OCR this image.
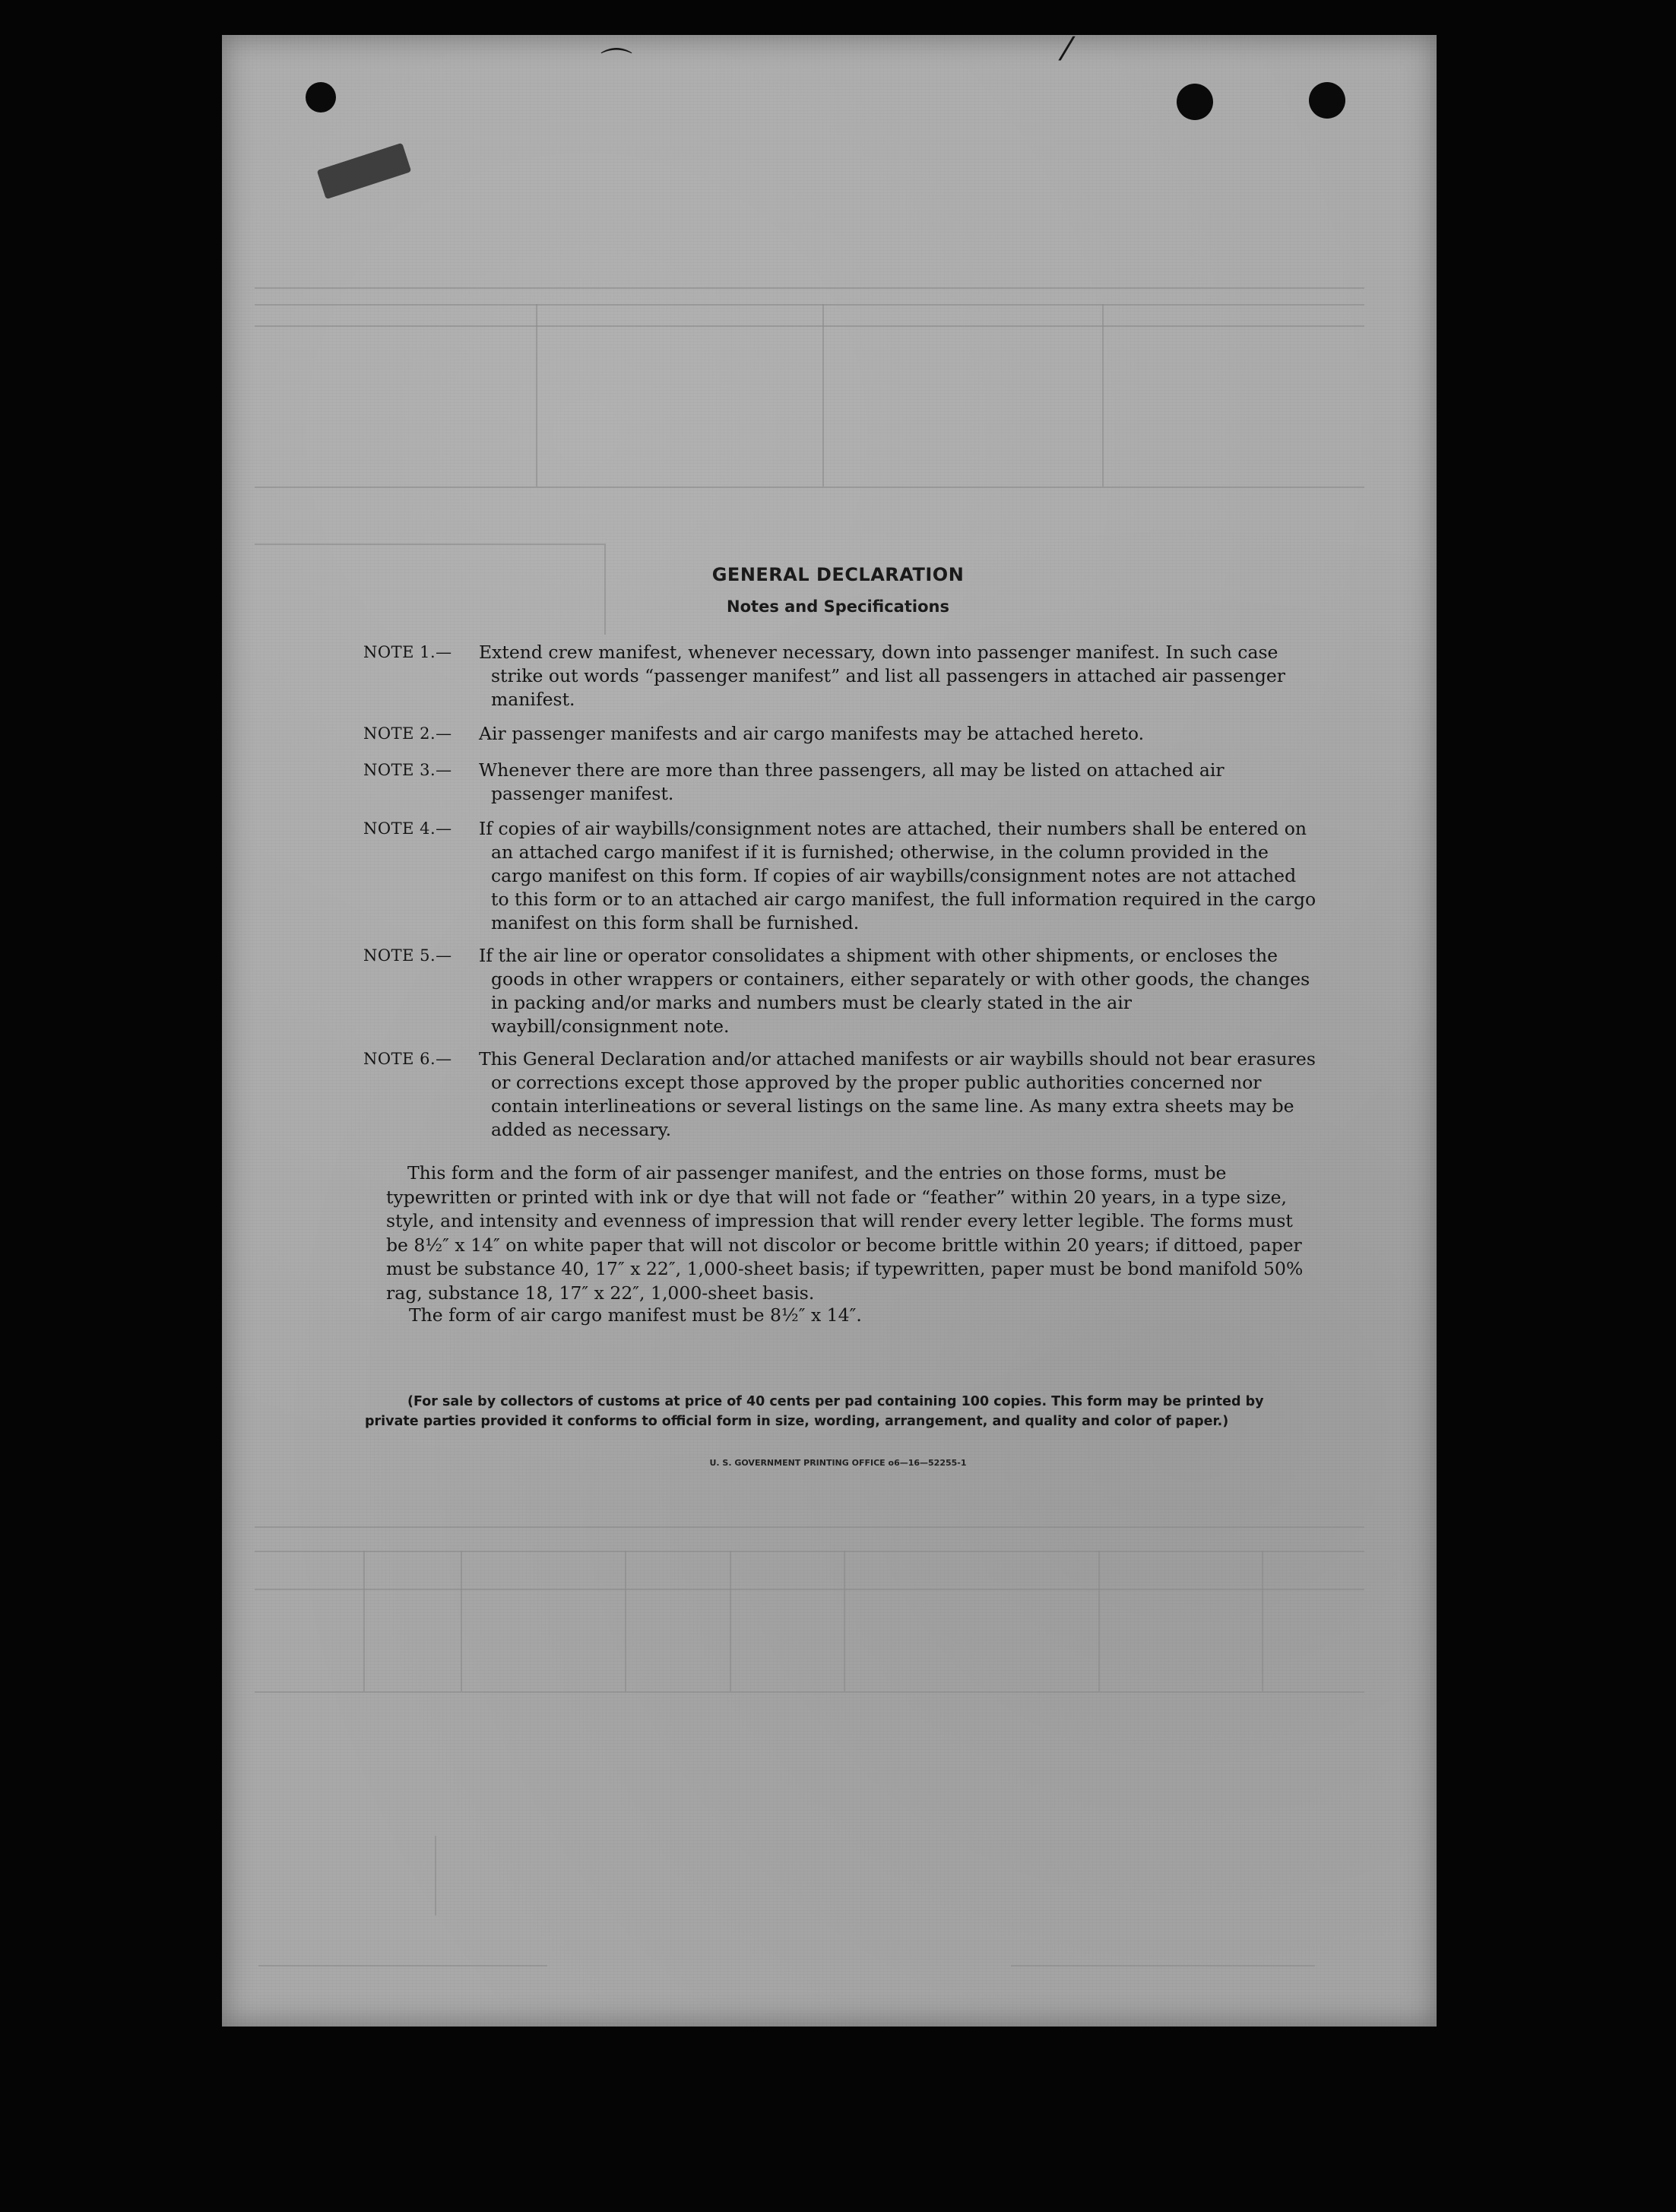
⌒	⁄
GENERAL DECLARATION
Notes and Specifications
NOTE 1.—	Extend crew manifest, whenever necessary, down into passenger manifest. In such case strike out words “passenger manifest” and list all passengers in attached air passenger manifest.
NOTE 2.—	Air passenger manifests and air cargo manifests may be attached hereto.
NOTE 3.—	Whenever there are more than three passengers, all may be listed on attached air passenger manifest.
NOTE 4.—	If copies of air waybills/consignment notes are attached, their numbers shall be entered on an attached cargo manifest if it is furnished; otherwise, in the column provided in the cargo manifest on this form. If copies of air waybills/consignment notes are not attached to this form or to an attached air cargo manifest, the full information required in the cargo manifest on this form shall be furnished.
NOTE 5.—	If the air line or operator consolidates a shipment with other shipments, or encloses the goods in other wrappers or containers, either separately or with other goods, the changes in packing and/or marks and numbers must be clearly stated in the air waybill/consignment note.
NOTE 6.—	This General Declaration and/or attached manifests or air waybills should not bear erasures or corrections except those approved by the proper public authorities concerned nor contain interlineations or several listings on the same line. As many extra sheets may be added as necessary.
This form and the form of air passenger manifest, and the entries on those forms, must be typewritten or printed with ink or dye that will not fade or “feather” within 20 years, in a type size, style, and intensity and evenness of impression that will render every letter legible. The forms must be 8½″ x 14″ on white paper that will not discolor or become brittle within 20 years; if dittoed, paper must be substance 40, 17″ x 22″, 1,000-sheet basis; if typewritten, paper must be bond manifold 50% rag, substance 18, 17″ x 22″, 1,000-sheet basis.
The form of air cargo manifest must be 8½″ x 14″.
(For sale by collectors of customs at price of 40 cents per pad containing 100 copies. This form may be printed by private parties provided it conforms to official form in size, wording, arrangement, and quality and color of paper.)
U. S. GOVERNMENT PRINTING OFFICE o6—16—52255-1
